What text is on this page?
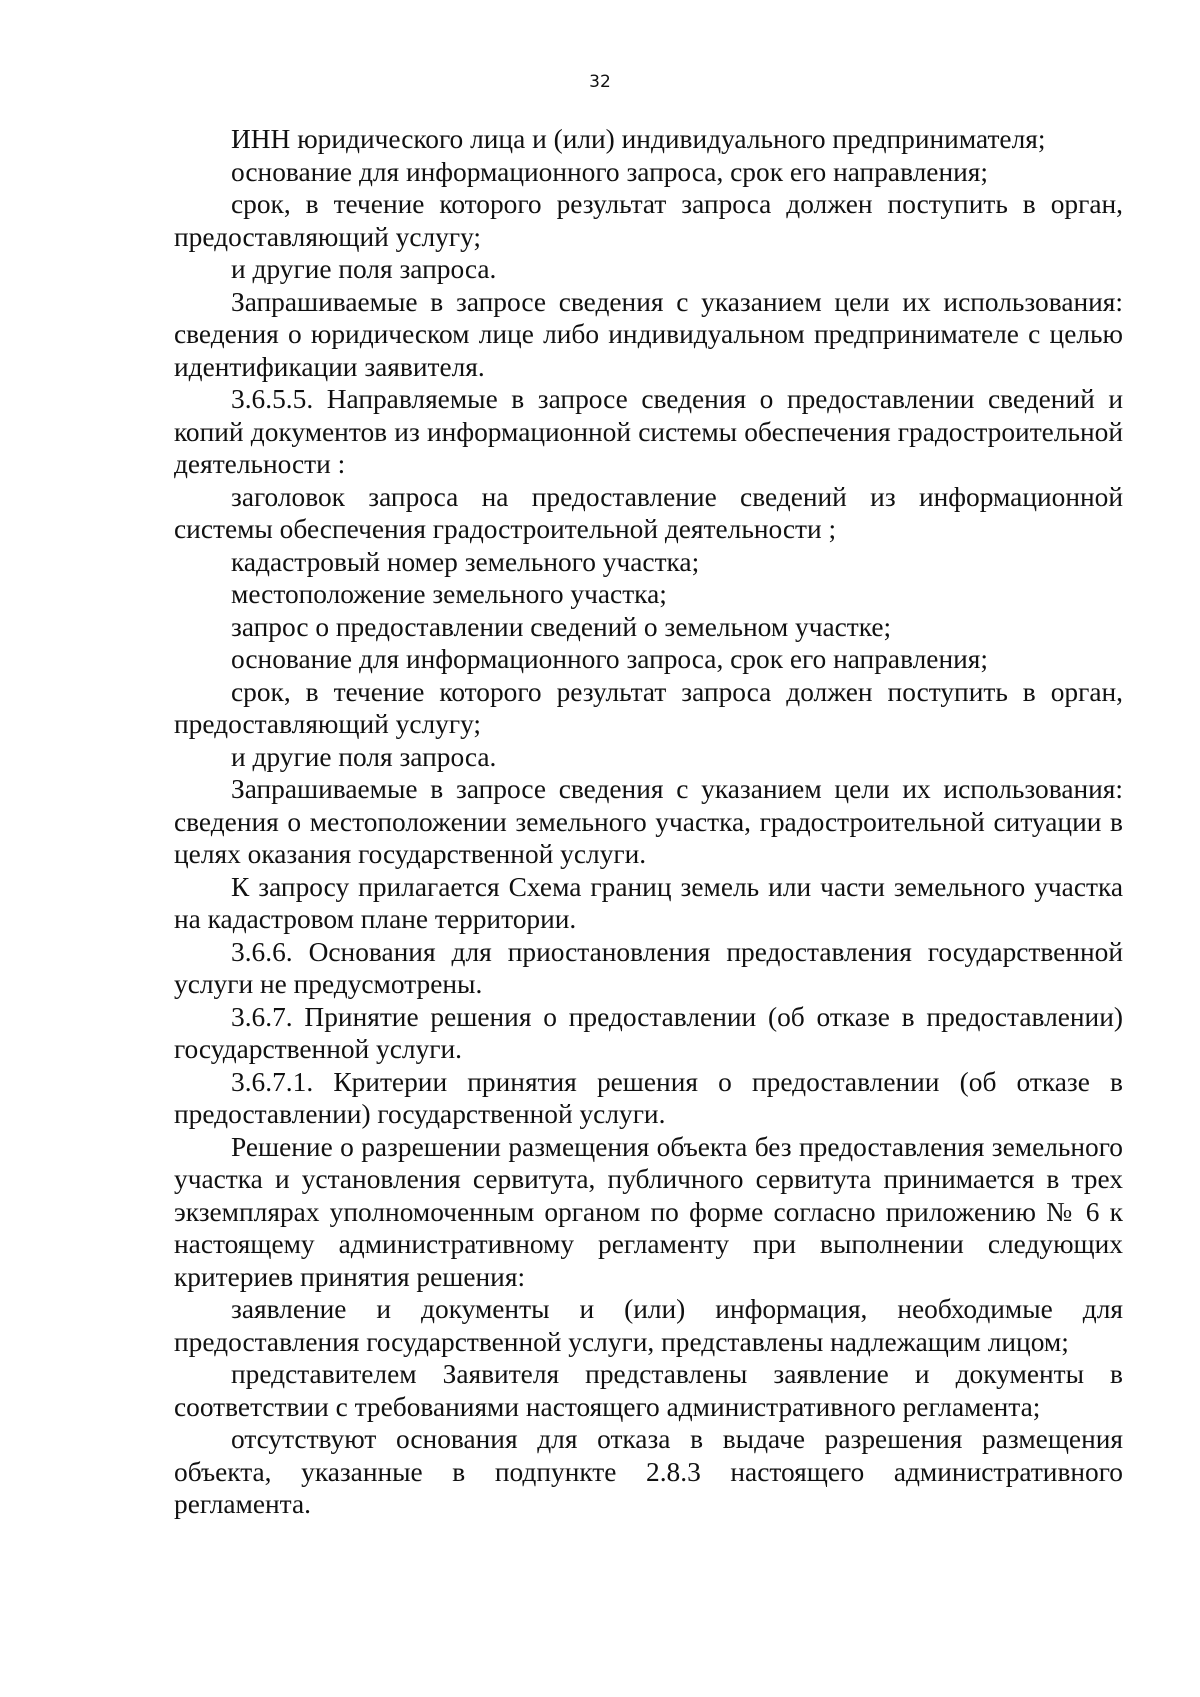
32

ИНН юридического лица и (или) индивидуального предпринимателя;

основание для информационного запроса, срок его направления;

срок, в течение которого результат запроса должен поступить в орган, предоставляющий услугу;

и другие поля запроса.

Запрашиваемые в запросе сведения с указанием цели их использования: сведения о юридическом лице либо индивидуальном предпринимателе с целью идентификации заявителя.

3.6.5.5. Направляемые в запросе сведения о предоставлении сведений и копий документов из информационной системы обеспечения градостроительной деятельности :

заголовок запроса на предоставление сведений из информационной системы обеспечения градостроительной деятельности ;

кадастровый номер земельного участка;

местоположение земельного участка;

запрос о предоставлении сведений о земельном участке;

основание для информационного запроса, срок его направления;

срок, в течение которого результат запроса должен поступить в орган, предоставляющий услугу;

и другие поля запроса.

Запрашиваемые в запросе сведения с указанием цели их использования: сведения о местоположении земельного участка, градостроительной ситуации в целях оказания государственной услуги.

К запросу прилагается Схема границ земель или части земельного участка на кадастровом плане территории.

3.6.6. Основания для приостановления предоставления государственной услуги не предусмотрены.

3.6.7. Принятие решения о предоставлении (об отказе в предоставлении) государственной услуги.

3.6.7.1. Критерии принятия решения о предоставлении (об отказе в предоставлении) государственной услуги.

Решение о разрешении размещения объекта без предоставления земельного участка и установления сервитута, публичного сервитута принимается в трех экземплярах уполномоченным органом по форме согласно приложению № 6 к настоящему административному регламенту при выполнении следующих критериев принятия решения:

заявление и документы и (или) информация, необходимые для предоставления государственной услуги, представлены надлежащим лицом;

представителем Заявителя представлены заявление и документы в соответствии с требованиями настоящего административного регламента;

отсутствуют основания для отказа в выдаче разрешения размещения объекта, указанные в подпункте 2.8.3 настоящего административного регламента.
